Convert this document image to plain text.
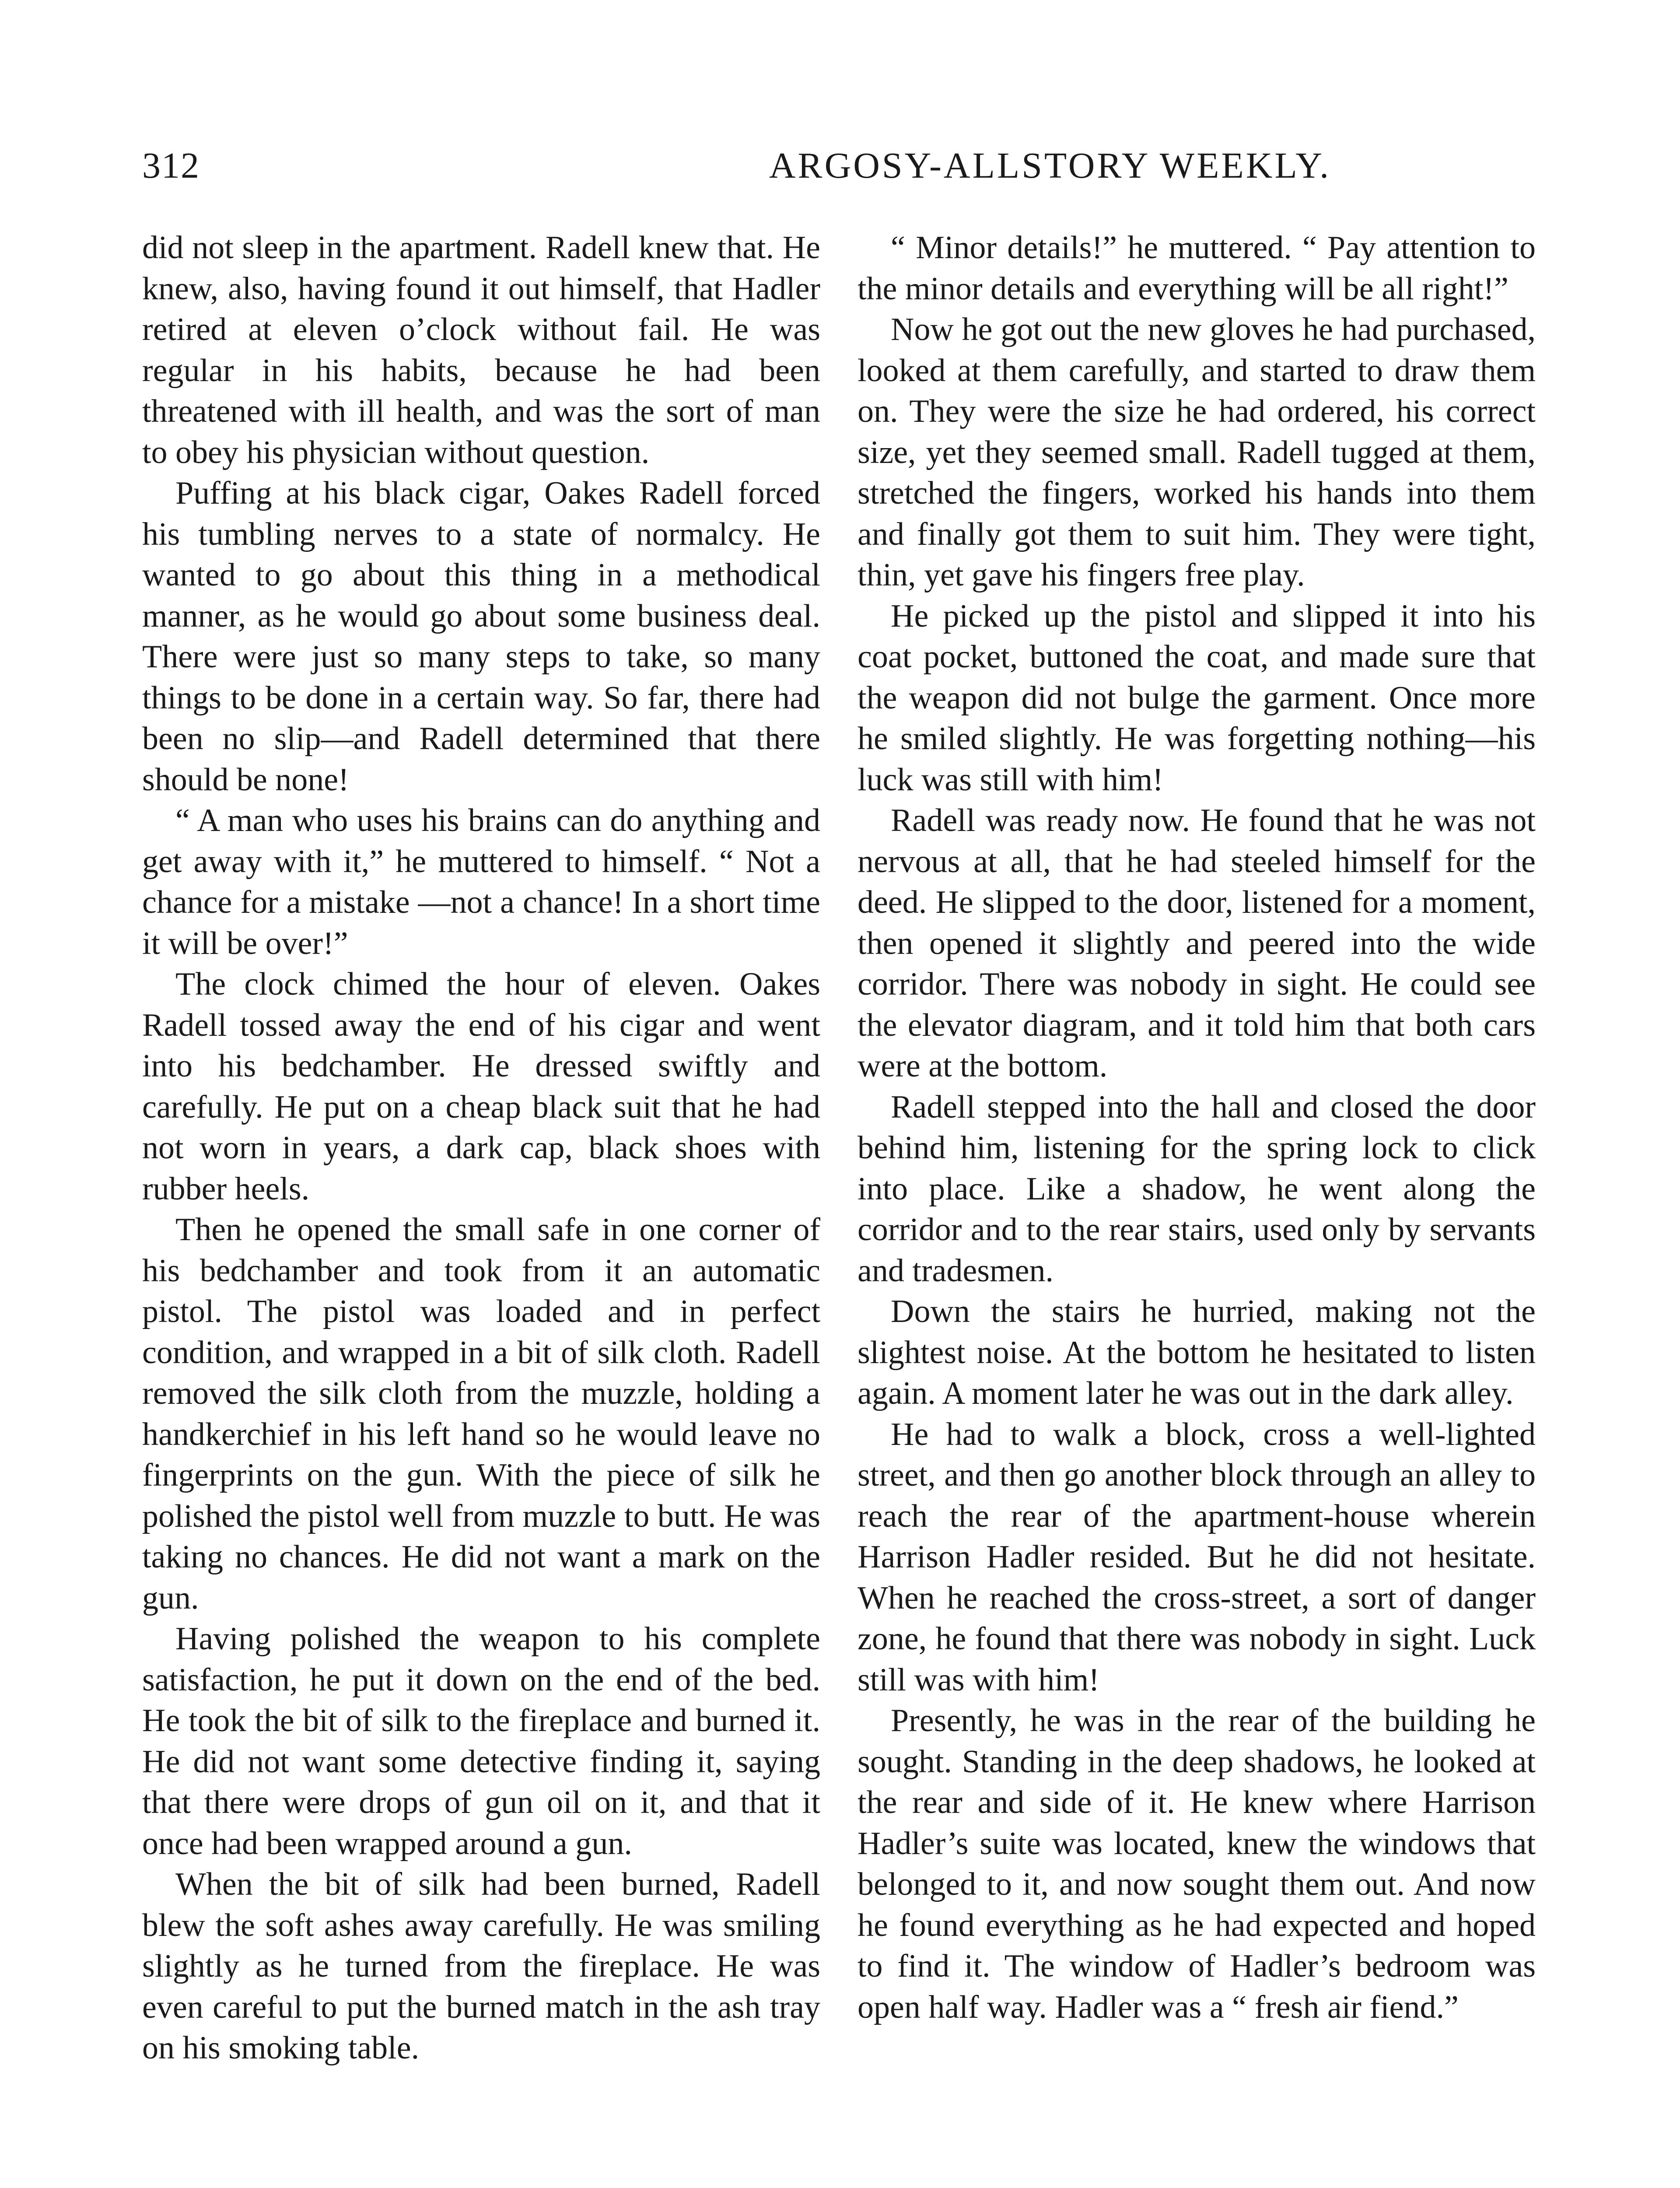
312	ARGOSY-ALLSTORY WEEKLY.

did not sleep in the apartment. Radell knew that. He knew, also, having found it out himself, that Hadler retired at eleven o’clock without fail. He was regular in his habits, because he had been threatened with ill health, and was the sort of man to obey his physician without question.

Puffing at his black cigar, Oakes Radell forced his tumbling nerves to a state of normalcy. He wanted to go about this thing in a methodical manner, as he would go about some business deal. There were just so many steps to take, so many things to be done in a certain way. So far, there had been no slip—and Radell determined that there should be none!

“ A man who uses his brains can do anything and get away with it,” he muttered to himself. “ Not a chance for a mistake —not a chance! In a short time it will be over!”

The clock chimed the hour of eleven. Oakes Radell tossed away the end of his cigar and went into his bedchamber. He dressed swiftly and carefully. He put on a cheap black suit that he had not worn in years, a dark cap, black shoes with rubber heels.

Then he opened the small safe in one corner of his bedchamber and took from it an automatic pistol. The pistol was loaded and in perfect condition, and wrapped in a bit of silk cloth. Radell removed the silk cloth from the muzzle, holding a handkerchief in his left hand so he would leave no fingerprints on the gun. With the piece of silk he polished the pistol well from muzzle to butt. He was taking no chances. He did not want a mark on the gun.

Having polished the weapon to his complete satisfaction, he put it down on the end of the bed. He took the bit of silk to the fireplace and burned it. He did not want some detective finding it, saying that there were drops of gun oil on it, and that it once had been wrapped around a gun.

When the bit of silk had been burned, Radell blew the soft ashes away carefully. He was smiling slightly as he turned from the fireplace. He was even careful to put the burned match in the ash tray on his smoking table.

“ Minor details!” he muttered. “ Pay attention to the minor details and everything will be all right!”

Now he got out the new gloves he had purchased, looked at them carefully, and started to draw them on. They were the size he had ordered, his correct size, yet they seemed small. Radell tugged at them, stretched the fingers, worked his hands into them and finally got them to suit him. They were tight, thin, yet gave his fingers free play.

He picked up the pistol and slipped it into his coat pocket, buttoned the coat, and made sure that the weapon did not bulge the garment. Once more he smiled slightly. He was forgetting nothing—his luck was still with him!

Radell was ready now. He found that he was not nervous at all, that he had steeled himself for the deed. He slipped to the door, listened for a moment, then opened it slightly and peered into the wide corridor. There was nobody in sight. He could see the elevator diagram, and it told him that both cars were at the bottom.

Radell stepped into the hall and closed the door behind him, listening for the spring lock to click into place. Like a shadow, he went along the corridor and to the rear stairs, used only by servants and tradesmen.

Down the stairs he hurried, making not the slightest noise. At the bottom he hesitated to listen again. A moment later he was out in the dark alley.

He had to walk a block, cross a well-lighted street, and then go another block through an alley to reach the rear of the apartment-house wherein Harrison Hadler resided. But he did not hesitate. When he reached the cross-street, a sort of danger zone, he found that there was nobody in sight. Luck still was with him!

Presently, he was in the rear of the building he sought. Standing in the deep shadows, he looked at the rear and side of it. He knew where Harrison Hadler’s suite was located, knew the windows that belonged to it, and now sought them out. And now he found everything as he had expected and hoped to find it. The window of Hadler’s bedroom was open half way. Hadler was a “ fresh air fiend.”
